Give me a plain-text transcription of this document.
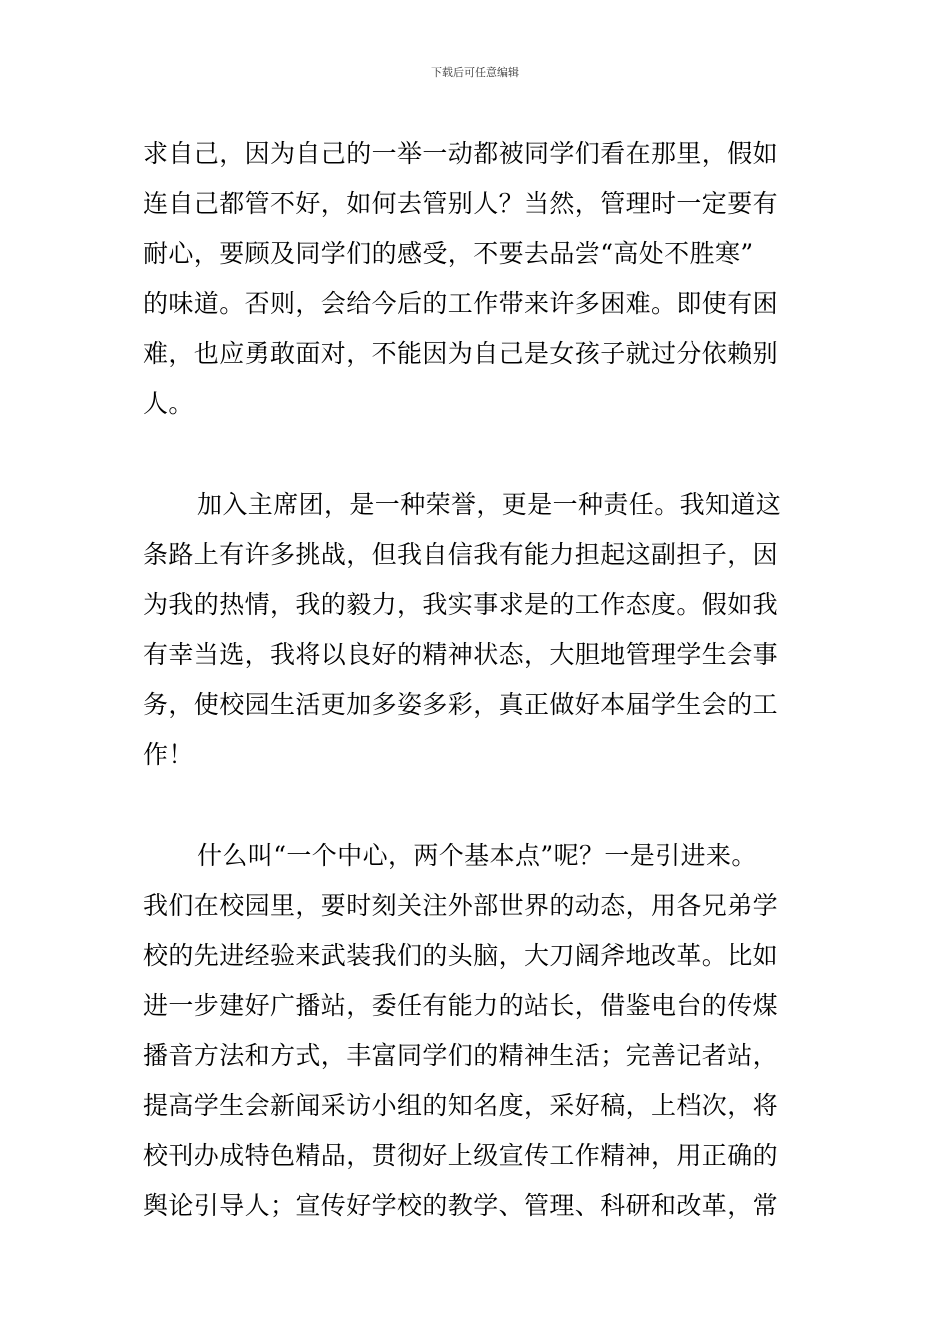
下载后可任意编辑
求自己，因为自己的一举一动都被同学们看在那里，假如
连自己都管不好，如何去管别人？当然，管理时一定要有
耐心，要顾及同学们的感受，不要去品尝“高处不胜寒”
的味道。否则，会给今后的工作带来许多困难。即使有困
难，也应勇敢面对，不能因为自己是女孩子就过分依赖别
人。
加入主席团，是一种荣誉，更是一种责任。我知道这
条路上有许多挑战，但我自信我有能力担起这副担子，因
为我的热情，我的毅力，我实事求是的工作态度。假如我
有幸当选，我将以良好的精神状态，大胆地管理学生会事
务，使校园生活更加多姿多彩，真正做好本届学生会的工
作！
什么叫“一个中心，两个基本点”呢？一是引进来。
我们在校园里，要时刻关注外部世界的动态，用各兄弟学
校的先进经验来武装我们的头脑，大刀阔斧地改革。比如
进一步建好广播站，委任有能力的站长，借鉴电台的传煤
播音方法和方式，丰富同学们的精神生活；完善记者站，
提高学生会新闻采访小组的知名度，采好稿，上档次，将
校刊办成特色精品，贯彻好上级宣传工作精神，用正确的
舆论引导人；宣传好学校的教学、管理、科研和改革，常
